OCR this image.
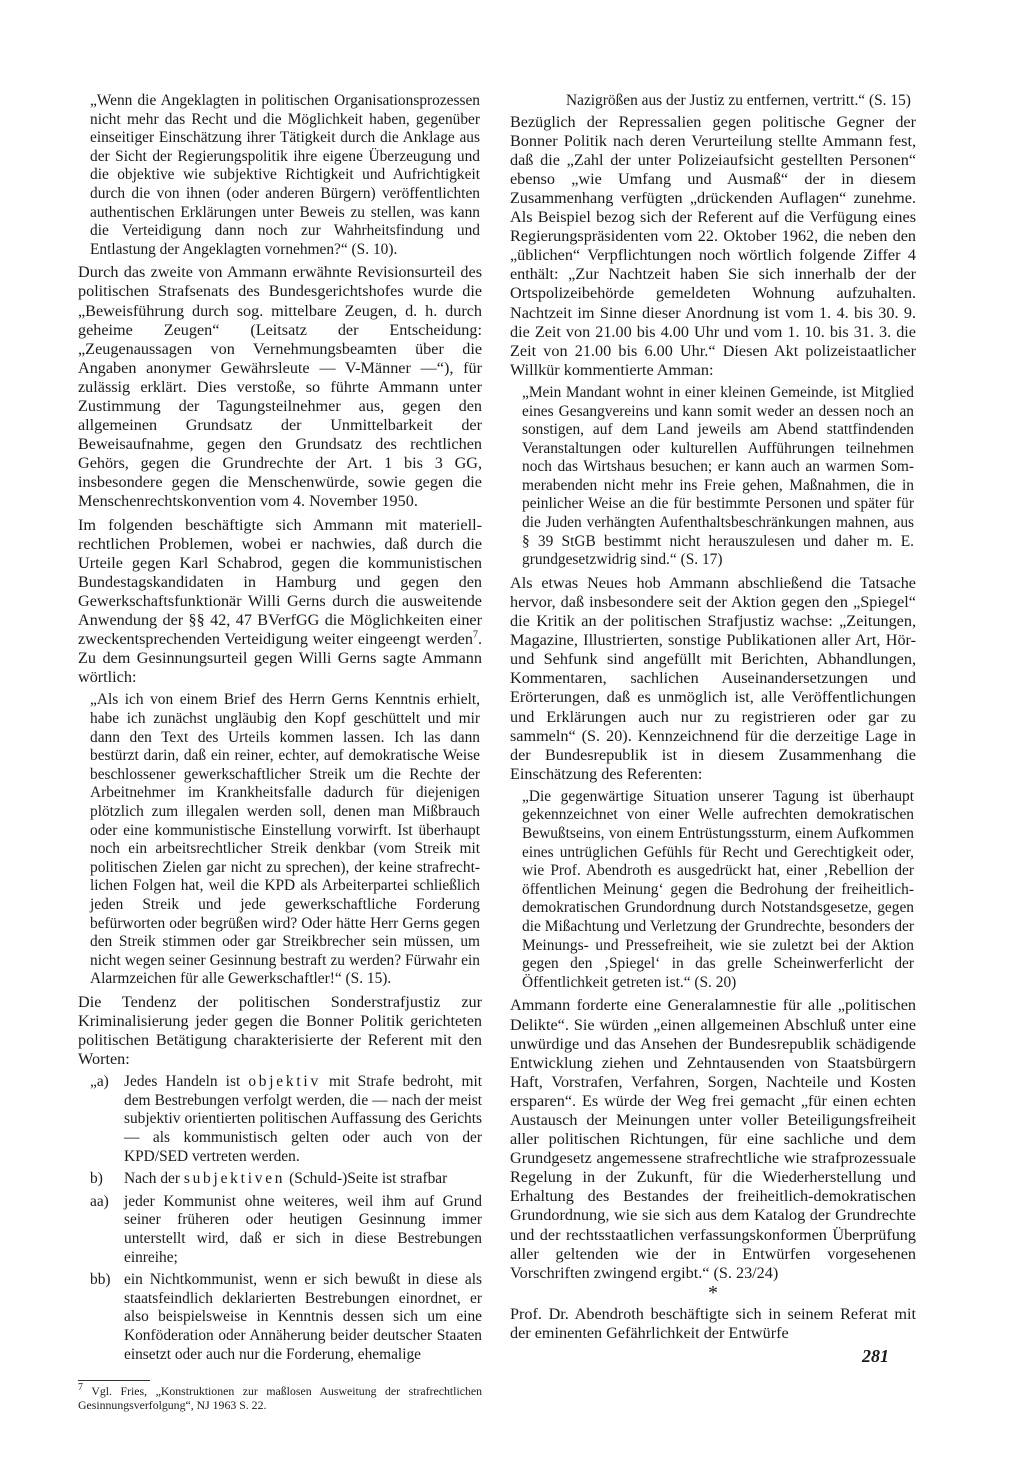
„Wenn die Angeklagten in politischen Organisationsprozessen nicht mehr das Recht und die Möglichkeit haben, gegenüber einseitiger Einschätzung ihrer Tätigkeit durch die Anklage aus der Sicht der Regierungspolitik ihre eigene Überzeugung und die objektive wie subjektive Richtigkeit und Aufrichtigkeit durch die von ihnen (oder anderen Bürgern) veröffentlichten authentischen Erklärungen unter Beweis zu stellen, was kann die Verteidigung dann noch zur Wahrheitsfindung und Entlastung der Angeklagten vornehmen?“ (S. 10).

Durch das zweite von Ammann erwähnte Revisionsurteil des politischen Strafsenats des Bundesgerichtshofes wurde die „Beweisführung durch sog. mittelbare Zeugen, d. h. durch geheime Zeugen“ (Leitsatz der Entscheidung: „Zeugenaussagen von Vernehmungsbeamten über die Angaben anonymer Gewährsleute — V-Männer —“), für zulässig erklärt. Dies verstoße, so führte Ammann unter Zustimmung der Tagungsteilnehmer aus, gegen den allgemeinen Grundsatz der Unmittelbarkeit der Beweisaufnahme, gegen den Grundsatz des rechtlichen Gehörs, gegen die Grundrechte der Art. 1 bis 3 GG, insbesondere gegen die Menschenwürde, sowie gegen die Menschenrechtskonvention vom 4. November 1950.

Im folgenden beschäftigte sich Ammann mit materiellrechtlichen Problemen, wobei er nachwies, daß durch die Urteile gegen Karl Schabrod, gegen die kommunistischen Bundestagskandidaten in Hamburg und gegen den Gewerkschaftsfunktionär Willi Gerns durch die ausweitende Anwendung der §§ 42, 47 BVerfGG die Möglichkeiten einer zweckentsprechenden Verteidigung weiter eingeengt werden$^7$. Zu dem Gesinnungsurteil gegen Willi Gerns sagte Ammann wörtlich:

„Als ich von einem Brief des Herrn Gerns Kenntnis erhielt, habe ich zunächst ungläubig den Kopf geschüttelt und mir dann den Text des Urteils kommen lassen. Ich las dann bestürzt darin, daß ein reiner, echter, auf demokratische Weise beschlossener gewerkschaftlicher Streik um die Rechte der Arbeitnehmer im Krankheitsfalle dadurch für diejenigen plötzlich zum illegalen werden soll, denen man Mißbrauch oder eine kommunistische Einstellung vorwirft. Ist überhaupt noch ein arbeitsrechtlicher Streik denkbar (vom Streik mit politischen Zielen gar nicht zu sprechen), der keine strafrechtlichen Folgen hat, weil die KPD als Arbeiterpartei schließlich jeden Streik und jede gewerkschaftliche Forderung befürworten oder begrüßen wird? Oder hätte Herr Gerns gegen den Streik stimmen oder gar Streikbrecher sein müssen, um nicht wegen seiner Gesinnung bestraft zu werden? Fürwahr ein Alarmzeichen für alle Gewerkschaftler!“ (S. 15).

Die Tendenz der politischen Sonderstrafjustiz zur Kriminalisierung jeder gegen die Bonner Politik gerichteten politischen Betätigung charakterisierte der Referent mit den Worten:

„a) Jedes Handeln ist objektiv mit Strafe bedroht, mit dem Bestrebungen verfolgt werden, die — nach der meist subjektiv orientierten politischen Auffassung des Gerichts — als kommunistisch gelten oder auch von der KPD/SED vertreten werden.
b)	Nach der subjektiven (Schuld-)Seite ist strafbar
aa) jeder Kommunist ohne weiteres, weil ihm auf Grund seiner früheren oder heutigen Gesinnung immer unterstellt wird, daß er sich in diese Bestrebungen einreihe;
bb) ein Nichtkommunist, wenn er sich bewußt in diese als staatsfeindlich deklarierten Bestrebungen einordnet, er also beispielsweise in Kenntnis dessen sich um eine Konföderation oder Annäherung beider deutscher Staaten einsetzt oder auch nur die Forderung, ehemalige

$^7$ Vgl. Fries, „Konstruktionen zur maßlosen Ausweitung der strafrechtlichen Gesinnungsverfolgung“, NJ 1963 S. 22.

Nazigrößen aus der Justiz zu entfernen, vertritt.“ (S. 15)

Bezüglich der Repressalien gegen politische Gegner der Bonner Politik nach deren Verurteilung stellte Ammann fest, daß die „Zahl der unter Polizeiaufsicht gestellten Personen“ ebenso „wie Umfang und Ausmaß“ der in diesem Zusammenhang verfügten „drückenden Auflagen“ zunehme. Als Beispiel bezog sich der Referent auf die Verfügung eines Regierungspräsidenten vom 22. Oktober 1962, die neben den „üblichen“ Verpflichtungen noch wörtlich folgende Ziffer 4 enthält: „Zur Nachtzeit haben Sie sich innerhalb der der Ortspolizeibehörde gemeldeten Wohnung aufzuhalten. Nachtzeit im Sinne dieser Anordnung ist vom 1. 4. bis 30. 9. die Zeit von 21.00 bis 4.00 Uhr und vom 1. 10. bis 31. 3. die Zeit von 21.00 bis 6.00 Uhr.“ Diesen Akt polizeistaatlicher Willkür kommentierte Amman:

„Mein Mandant wohnt in einer kleinen Gemeinde, ist Mitglied eines Gesangvereins und kann somit weder an dessen noch an sonstigen, auf dem Land jeweils am Abend stattfindenden Veranstaltungen oder kulturellen Aufführungen teilnehmen noch das Wirtshaus besuchen; er kann auch an warmen Sommerabenden nicht mehr ins Freie gehen, Maßnahmen, die in peinlicher Weise an die für bestimmte Personen und später für die Juden verhängten Aufenthaltsbeschränkungen mahnen, aus § 39 StGB bestimmt nicht herauszulesen und daher m. E. grundgesetzwidrig sind.“ (S. 17)

Als etwas Neues hob Ammann abschließend die Tatsache hervor, daß insbesondere seit der Aktion gegen den „Spiegel“ die Kritik an der politischen Strafjustiz wachse: „Zeitungen, Magazine, Illustrierten, sonstige Publikationen aller Art, Hör- und Sehfunk sind angefüllt mit Berichten, Abhandlungen, Kommentaren, sachlichen Auseinandersetzungen und Erörterungen, daß es unmöglich ist, alle Veröffentlichungen und Erklärungen auch nur zu registrieren oder gar zu sammeln“ (S. 20). Kennzeichnend für die derzeitige Lage in der Bundesrepublik ist in diesem Zusammenhang die Einschätzung des Referenten:

„Die gegenwärtige Situation unserer Tagung ist überhaupt gekennzeichnet von einer Welle aufrechten demokratischen Bewußtseins, von einem Entrüstungssturm, einem Aufkommen eines untrüglichen Gefühls für Recht und Gerechtigkeit oder, wie Prof. Abendroth es ausgedrückt hat, einer ‚Rebellion der öffentlichen Meinung‘ gegen die Bedrohung der freiheitlich-demokratischen Grundordnung durch Notstandsgesetze, gegen die Mißachtung und Verletzung der Grundrechte, besonders der Meinungs- und Pressefreiheit, wie sie zuletzt bei der Aktion gegen den ‚Spiegel‘ in das grelle Scheinwerferlicht der Öffentlichkeit getreten ist.“ (S. 20)

Ammann forderte eine Generalamnestie für alle „politischen Delikte“. Sie würden „einen allgemeinen Abschluß unter eine unwürdige und das Ansehen der Bundesrepublik schädigende Entwicklung ziehen und Zehntausenden von Staatsbürgern Haft, Vorstrafen, Verfahren, Sorgen, Nachteile und Kosten ersparen“. Es würde der Weg frei gemacht „für einen echten Austausch der Meinungen unter voller Beteiligungsfreiheit aller politischen Richtungen, für eine sachliche und dem Grundgesetz angemessene strafrechtliche wie strafprozessuale Regelung in der Zukunft, für die Wiederherstellung und Erhaltung des Bestandes der freiheitlich-demokratischen Grundordnung, wie sie sich aus dem Katalog der Grundrechte und der rechtsstaatlichen verfassungskonformen Überprüfung aller geltenden wie der in Entwürfen vorgesehenen Vorschriften zwingend ergibt.“ (S. 23/24)

*

Prof. Dr. Abendroth beschäftigte sich in seinem Referat mit der eminenten Gefährlichkeit der Entwürfe

281
